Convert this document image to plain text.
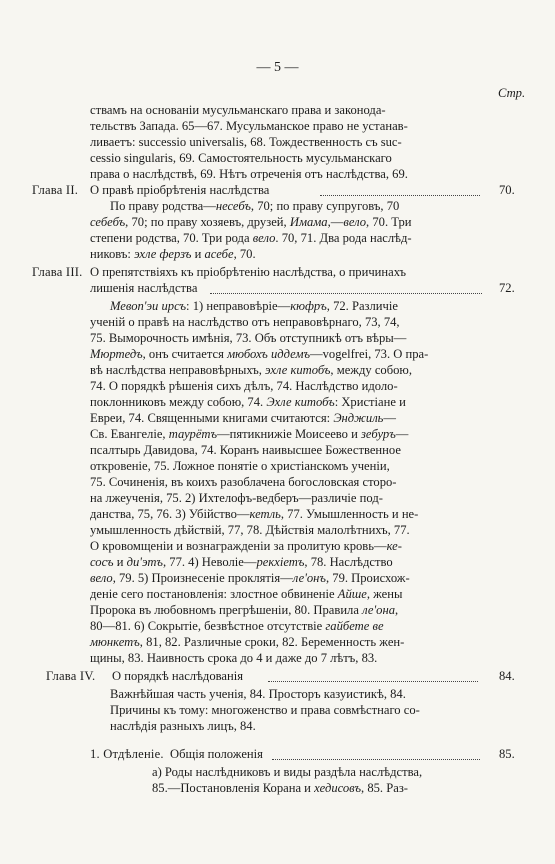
— 5 —
Стр.
ствамъ на основаніи мусульманскаго права и законода-
тельствъ Запада. 65—67. Мусульманское право не устанав-
ливаетъ: successio universalis, 68. Тождественность съ suc-
cessio singularis, 69. Самостоятельность мусульманскаго
права о наслѣдствѣ, 69. Нѣтъ отреченія отъ наслѣдства, 69.
Глава II. О правѣ пріобрѣтенія наслѣдства	70.
По праву родства—несебъ, 70; по праву супруговъ, 70
себебъ, 70; по праву хозяевъ, друзей, Имама,—вело, 70. Три
степени родства, 70. Три рода вело. 70, 71. Два рода наслѣд-
никовъ: эхле ферзъ и асебе, 70.
Глава III. О препятствіяхъ къ пріобрѣтенію наслѣдства, о причинахъ
лишенія наслѣдства	72.
Мевоп'эи ирсъ: 1) неправовѣріе—кюфръ, 72. Различіе
ученій о правѣ на наслѣдство отъ неправовѣрнаго, 73, 74,
75. Выморочность имѣнія, 73. Объ отступникѣ отъ вѣры—
Мюртедъ, онъ считается мюбохъ иддемъ—vogelfrei, 73. О пра-
вѣ наслѣдства неправовѣрныхъ, эхле китобъ, между собою,
74. О порядкѣ рѣшенія сихъ дѣлъ, 74. Наслѣдство идоло-
поклонниковъ между собою, 74. Эхле китобъ: Христiане и
Евреи, 74. Священными книгами считаются: Энджиль—
Св. Евангеліе, таурётъ—пятикнижіе Моисеево и зебуръ—
псалтырь Давидова, 74. Коранъ наивысшее Божественное
откровеніе, 75. Ложное понятіе о христіанскомъ ученіи,
75. Сочиненія, въ коихъ разоблачена богословская сторо-
на лжеученія, 75. 2) Ихтелофъ-ведберъ—различіе под-
данства, 75, 76. 3) Убійство—кетль, 77. Умышленность и не-
умышленность дѣйствій, 77, 78. Дѣйствія малолѣтнихъ, 77.
О кровомщеніи и вознагражденіи за пролитую кровь—ке-
сосъ и ди'этъ, 77. 4) Неволіе—рекхіетъ, 78. Наслѣдство
вело, 79. 5) Произнесеніе проклятія—ле'онъ, 79. Происхож-
деніе сего постановленія: злостное обвиненіе Айше, жены
Пророка въ любовномъ прегрѣшеніи, 80. Правила ле'она,
80—81. 6) Сокрытіе, безвѣстное отсутствіе гайбете ве
мюнкетъ, 81, 82. Различные сроки, 82. Беременность жен-
щины, 83. Наивность срока до 4 и даже до 7 лѣтъ, 83.
Глава IV. О порядкѣ наслѣдованія	84.
Важнѣйшая часть ученія, 84. Просторъ казуистикѣ, 84.
Причины къ тому: многоженство и права совмѣстнаго со-
наслѣдія разныхъ лицъ, 84.
1. Отдѣленіе. Общія положенія	85.
а) Роды наслѣдниковъ и виды раздѣла наслѣдства,
85.—Постановленія Корана и хедисовъ, 85. Раз-
